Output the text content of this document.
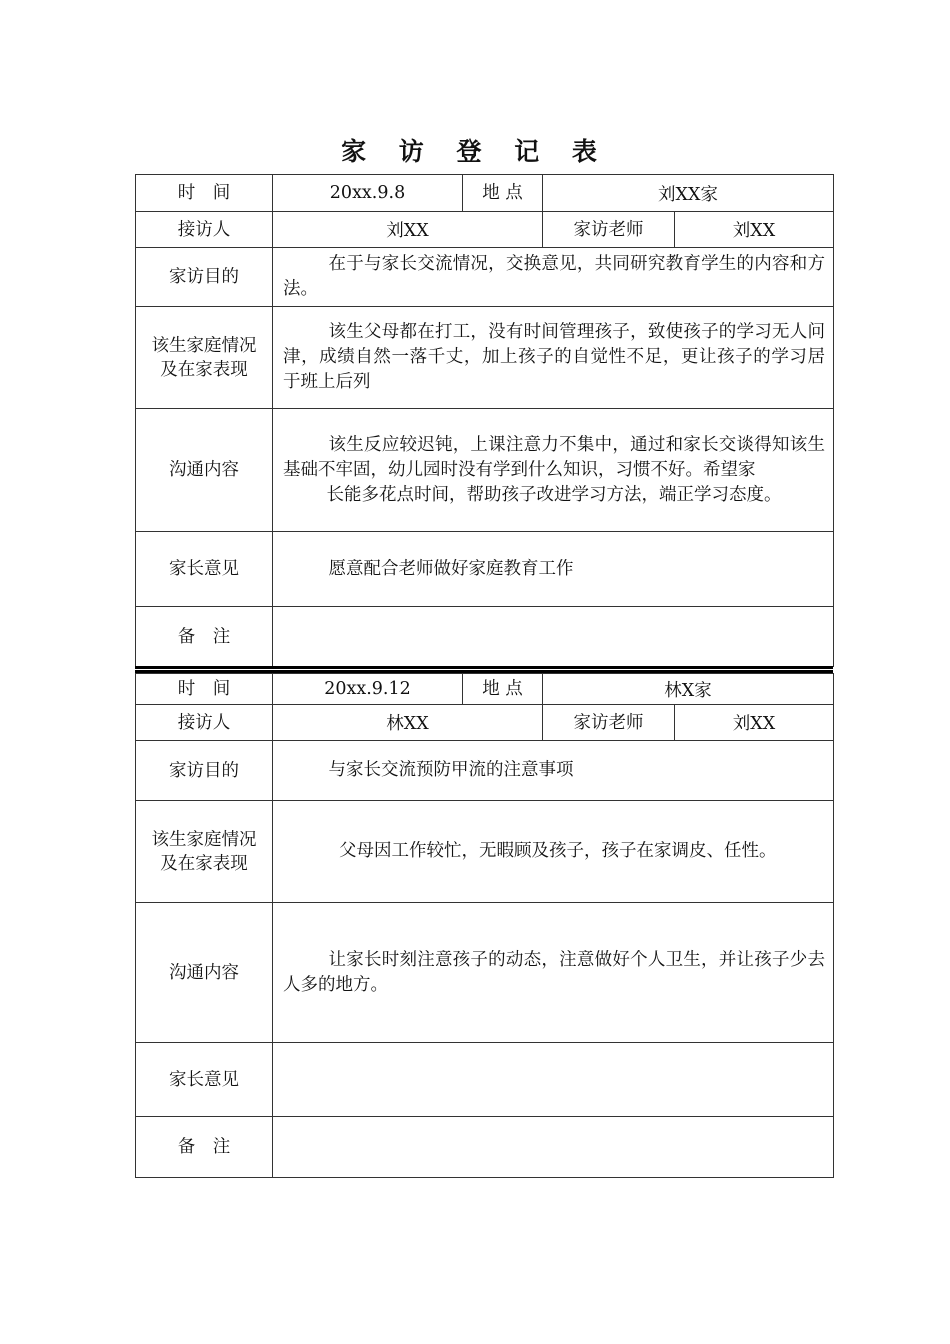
家 访 登 记 表
时　间	20xx.9.8	地 点	刘XX家	
接访人	刘XX		家访老师	刘XX
家访目的	在于与家长交流情况，交换意见，共同研究教育学生的内容和方法。			
该生家庭情况及在家表现	该生父母都在打工，没有时间管理孩子，致使孩子的学习无人问津，成绩自然一落千丈，加上孩子的自觉性不足，更让孩子的学习居于班上后列			
沟通内容	该生反应较迟钝，上课注意力不集中，通过和家长交谈得知该生基础不牢固，幼儿园时没有学到什么知识，习惯不好。希望家
长能多花点时间，帮助孩子改进学习方法，端正学习态度。			

家长意见	愿意配合老师做好家庭教育工作			
备　注				
时　间	20xx.9.12	地 点	林X家	
接访人	林XX		家访老师	刘XX
家访目的	与家长交流预防甲流的注意事项			
该生家庭情况及在家表现	父母因工作较忙，无暇顾及孩子，孩子在家调皮、任性。			
沟通内容	让家长时刻注意孩子的动态，注意做好个人卫生，并让孩子少去人多的地方。			
家长意见				
备　注				
